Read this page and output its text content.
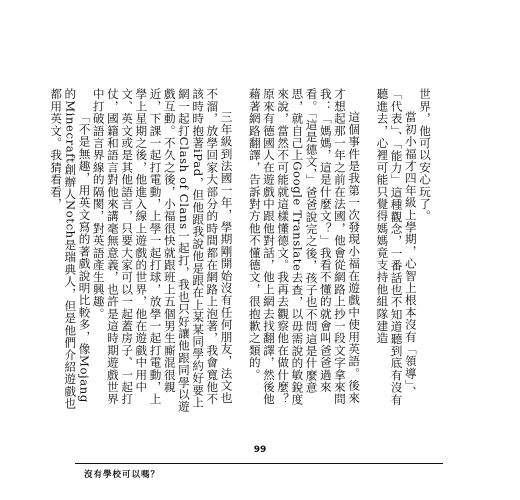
世界，他可以安心玩了。

當初小福才四年級上學期，心智上根本沒有「領導」、「代表」、「能力」這種觀念，一番話也不知道聽到底有沒有聽進去，心裡可能只覺得媽媽竟支持他組隊建造

這個事件是我第一次發現小福在遊戲中使用英語。後來才想起那一年之前在法國，他會從網路上抄一段文字拿來問我：「媽媽，這是什麼文？」我看不懂的就會叫爸爸過來看。「這是德文，」爸爸說完之後，孩子也不問這是什麼意思，就自己上Google Translate去查，以毋需說的敏銳度來說，當然不可能就這樣懂德文。我再去觀察他在做什麼？原來有德國人在遊戲中跟他對話，他上網去找翻譯，然後他藉著網路翻譯，告訴對方他不懂德文，很抱歉之類的。

三年級到法國一年，學期剛開始沒有任何朋友，法文也不溜，放學回家大部分的時間都在網路上泡著，我會寬他不該時時抱著iPad，但他跟我說他是跟在上某某同學約好要上網一起打Clash of Clans一起打，我也只好讓他跟同學以遊戲互動。不久之後，小福很快就跟班上五個男生廝混很親近，下課一起打電動，上學一起打球，放學一起打電動，上學上星期之後，他進入線上遊戲的世界，他在遊戲中用中文、英文或是其他語言，只要大家可以一起蓋房子、一起打仗，國籍和語言對他來講毫無意義，也許是這時期遊戲世界中打破語言界線的隔閡，對英語產生興趣。

「不是無趣，用英文寫的著戲說明比較多，像Mojang的Minecraft創辦人Notch是瑞典人，但是他們介紹遊戲也都用英文。我猜看看，

99
沒有學校可以嗎？
